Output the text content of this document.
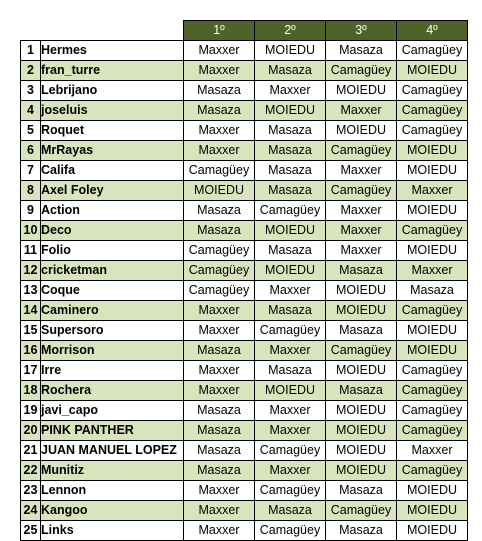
		1º	2º	3º	4º
1	Hermes	Maxxer	MOIEDU	Masaza	Camagüey
2	fran_turre	Maxxer	Masaza	Camagüey	MOIEDU
3	Lebrijano	Masaza	Maxxer	MOIEDU	Camagüey
4	joseluis	Masaza	MOIEDU	Maxxer	Camagüey
5	Roquet	Maxxer	Masaza	MOIEDU	Camagüey
6	MrRayas	Maxxer	Masaza	Camagüey	MOIEDU
7	Califa	Camagüey	Masaza	Maxxer	MOIEDU
8	Axel Foley	MOIEDU	Masaza	Camagüey	Maxxer
9	Action	Masaza	Camagüey	Maxxer	MOIEDU
10	Deco	Masaza	MOIEDU	Maxxer	Camagüey
11	Folio	Camagüey	Masaza	Maxxer	MOIEDU
12	cricketman	Camagüey	MOIEDU	Masaza	Maxxer
13	Coque	Camagüey	Maxxer	MOIEDU	Masaza
14	Caminero	Maxxer	Masaza	MOIEDU	Camagüey
15	Supersoro	Maxxer	Camagüey	Masaza	MOIEDU
16	Morrison	Masaza	Maxxer	Camagüey	MOIEDU
17	Irre	Maxxer	Masaza	MOIEDU	Camagüey
18	Rochera	Maxxer	MOIEDU	Masaza	Camagüey
19	javi_capo	Masaza	Maxxer	MOIEDU	Camagüey
20	PINK PANTHER	Masaza	Maxxer	MOIEDU	Camagüey
21	JUAN MANUEL LOPEZ	Masaza	Camagüey	MOIEDU	Maxxer
22	Munitiz	Masaza	Maxxer	MOIEDU	Camagüey
23	Lennon	Maxxer	Camagüey	Masaza	MOIEDU
24	Kangoo	Maxxer	Masaza	Camagüey	MOIEDU
25	Links	Maxxer	Camagüey	Masaza	MOIEDU
